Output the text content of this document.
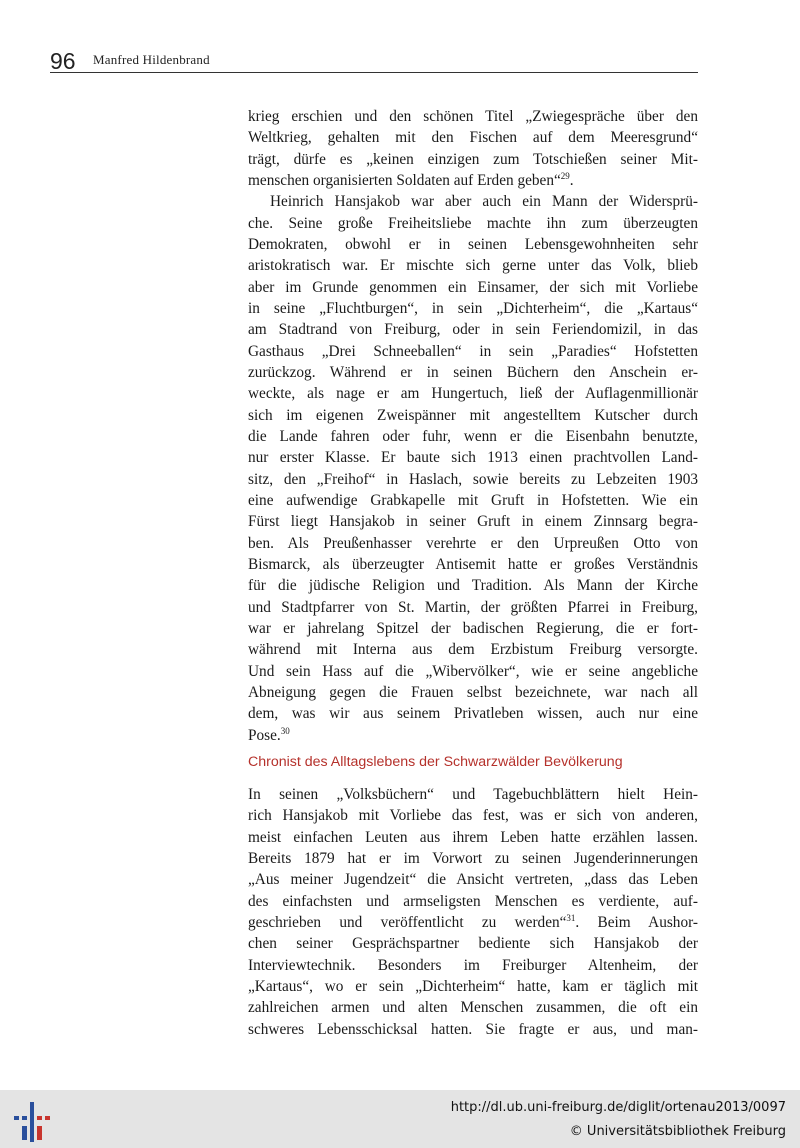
96 Manfred Hildenbrand
krieg erschien und den schönen Titel „Zwiegespräche über den
Weltkrieg, gehalten mit den Fischen auf dem Meeresgrund“
trägt, dürfe es „keinen einzigen zum Totschießen seiner Mit-
menschen organisierten Soldaten auf Erden geben“$^{29}$.
Heinrich Hansjakob war aber auch ein Mann der Widersprü-
che. Seine große Freiheitsliebe machte ihn zum überzeugten
Demokraten, obwohl er in seinen Lebensgewohnheiten sehr
aristokratisch war. Er mischte sich gerne unter das Volk, blieb
aber im Grunde genommen ein Einsamer, der sich mit Vorliebe
in seine „Fluchtburgen“, in sein „Dichterheim“, die „Kartaus“
am Stadtrand von Freiburg, oder in sein Feriendomizil, in das
Gasthaus „Drei Schneeballen“ in sein „Paradies“ Hofstetten
zurückzog. Während er in seinen Büchern den Anschein er-
weckte, als nage er am Hungertuch, ließ der Auflagenmillionär
sich im eigenen Zweispänner mit angestelltem Kutscher durch
die Lande fahren oder fuhr, wenn er die Eisenbahn benutzte,
nur erster Klasse. Er baute sich 1913 einen prachtvollen Land-
sitz, den „Freihof“ in Haslach, sowie bereits zu Lebzeiten 1903
eine aufwendige Grabkapelle mit Gruft in Hofstetten. Wie ein
Fürst liegt Hansjakob in seiner Gruft in einem Zinnsarg begra-
ben. Als Preußenhasser verehrte er den Urpreußen Otto von
Bismarck, als überzeugter Antisemit hatte er großes Verständnis
für die jüdische Religion und Tradition. Als Mann der Kirche
und Stadtpfarrer von St. Martin, der größten Pfarrei in Freiburg,
war er jahrelang Spitzel der badischen Regierung, die er fort-
während mit Interna aus dem Erzbistum Freiburg versorgte.
Und sein Hass auf die „Wibervölker“, wie er seine angebliche
Abneigung gegen die Frauen selbst bezeichnete, war nach all
dem, was wir aus seinem Privatleben wissen, auch nur eine
Pose.$^{30}$
Chronist des Alltagslebens der Schwarzwälder Bevölkerung
In seinen „Volksbüchern“ und Tagebuchblättern hielt Hein-
rich Hansjakob mit Vorliebe das fest, was er sich von anderen,
meist einfachen Leuten aus ihrem Leben hatte erzählen lassen.
Bereits 1879 hat er im Vorwort zu seinen Jugenderinnerungen
„Aus meiner Jugendzeit“ die Ansicht vertreten, „dass das Leben
des einfachsten und armseligsten Menschen es verdiente, auf-
geschrieben und veröffentlicht zu werden“$^{31}$. Beim Aushor-
chen seiner Gesprächspartner bediente sich Hansjakob der
Interviewtechnik. Besonders im Freiburger Altenheim, der
„Kartaus“, wo er sein „Dichterheim“ hatte, kam er täglich mit
zahlreichen armen und alten Menschen zusammen, die oft ein
schweres Lebensschicksal hatten. Sie fragte er aus, und man-
http://dl.ub.uni-freiburg.de/diglit/ortenau2013/0097
© Universitätsbibliothek Freiburg
